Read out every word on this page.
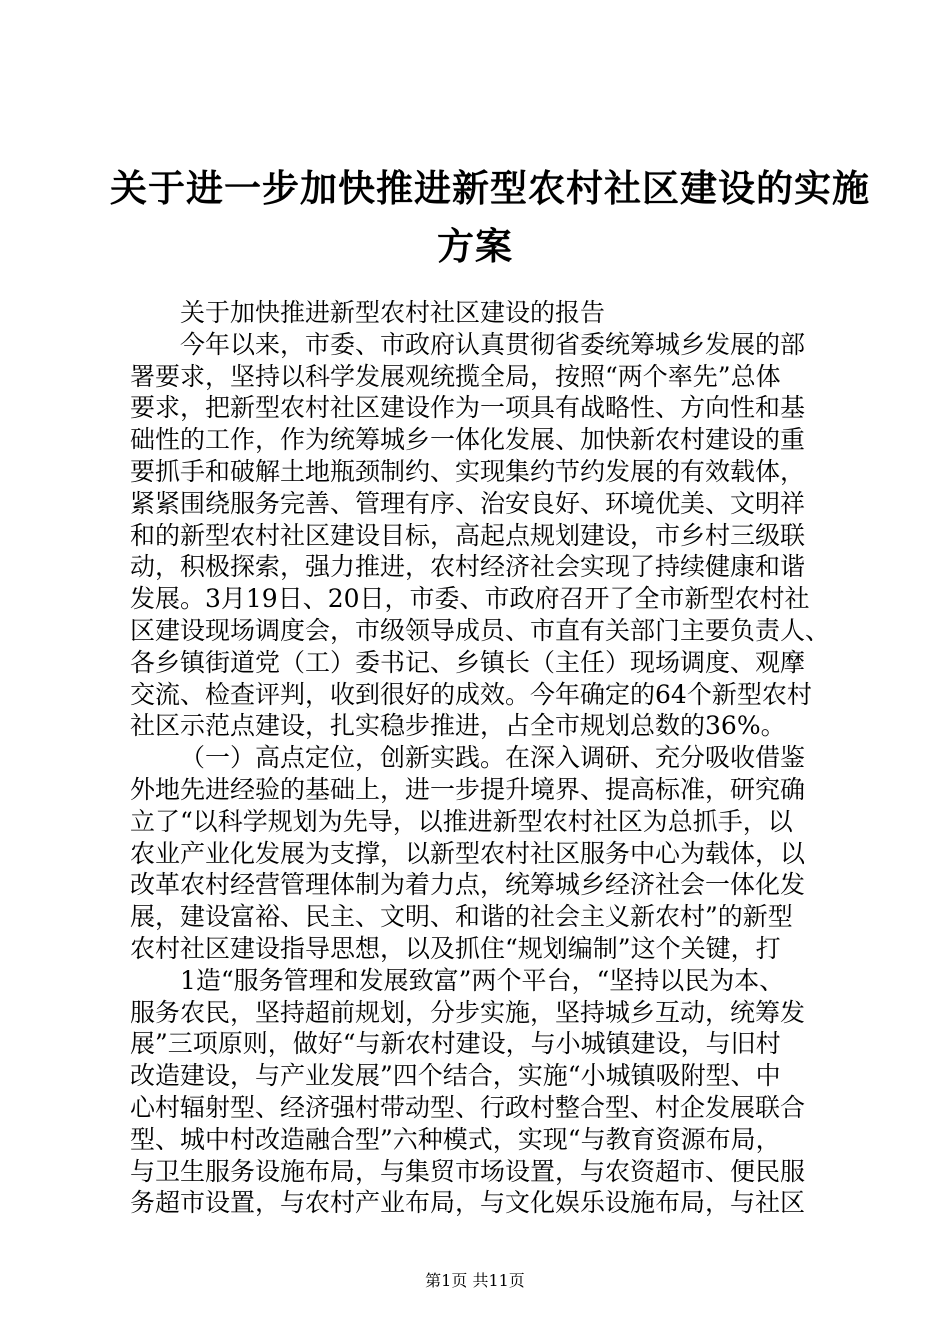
关于进一步加快推进新型农村社区建设的实施
方案
关于加快推进新型农村社区建设的报告
今年以来，市委、市政府认真贯彻省委统筹城乡发展的部
署要求，坚持以科学发展观统揽全局，按照“两个率先”总体
要求，把新型农村社区建设作为一项具有战略性、方向性和基
础性的工作，作为统筹城乡一体化发展、加快新农村建设的重
要抓手和破解土地瓶颈制约、实现集约节约发展的有效载体，
紧紧围绕服务完善、管理有序、治安良好、环境优美、文明祥
和的新型农村社区建设目标，高起点规划建设，市乡村三级联
动，积极探索，强力推进，农村经济社会实现了持续健康和谐
发展。3月19日、20日，市委、市政府召开了全市新型农村社
区建设现场调度会，市级领导成员、市直有关部门主要负责人、
各乡镇街道党（工）委书记、乡镇长（主任）现场调度、观摩
交流、检查评判，收到很好的成效。今年确定的64个新型农村
社区示范点建设，扎实稳步推进，占全市规划总数的36%。
（一）高点定位，创新实践。在深入调研、充分吸收借鉴
外地先进经验的基础上，进一步提升境界、提高标准，研究确
立了“以科学规划为先导，以推进新型农村社区为总抓手，以
农业产业化发展为支撑，以新型农村社区服务中心为载体，以
改革农村经营管理体制为着力点，统筹城乡经济社会一体化发
展，建设富裕、民主、文明、和谐的社会主义新农村”的新型
农村社区建设指导思想，以及抓住“规划编制”这个关键，打
1造“服务管理和发展致富”两个平台，“坚持以民为本、
服务农民，坚持超前规划，分步实施，坚持城乡互动，统筹发
展”三项原则，做好“与新农村建设，与小城镇建设，与旧村
改造建设，与产业发展”四个结合，实施“小城镇吸附型、中
心村辐射型、经济强村带动型、行政村整合型、村企发展联合
型、城中村改造融合型”六种模式，实现“与教育资源布局，
与卫生服务设施布局，与集贸市场设置，与农资超市、便民服
务超市设置，与农村产业布局，与文化娱乐设施布局，与社区
第1页 共11页
